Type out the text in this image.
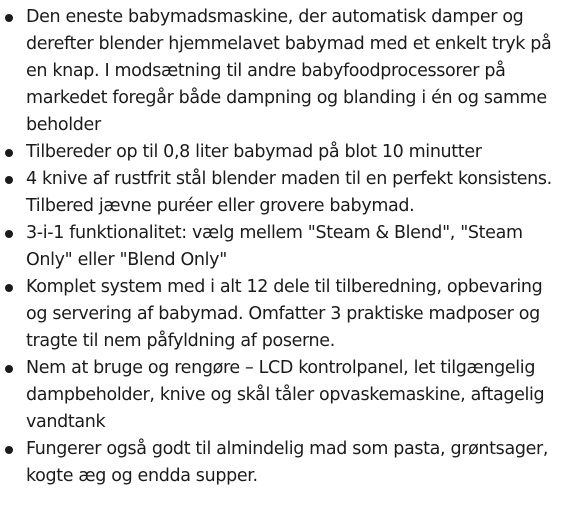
Den eneste babymadsmaskine, der automatisk damper og derefter blender hjemmelavet babymad med et enkelt tryk på en knap. I modsætning til andre babyfoodprocessorer på markedet foregår både dampning og blanding i én og samme beholder
Tilbereder op til 0,8 liter babymad på blot 10 minutter
4 knive af rustfrit stål blender maden til en perfekt konsistens. Tilbered jævne puréer eller grovere babymad.
3-i-1 funktionalitet: vælg mellem "Steam & Blend", "Steam Only" eller "Blend Only"
Komplet system med i alt 12 dele til tilberedning, opbevaring og servering af babymad. Omfatter 3 praktiske madposer og tragte til nem påfyldning af poserne.
Nem at bruge og rengøre – LCD kontrolpanel, let tilgængelig dampbeholder, knive og skål tåler opvaskemaskine, aftagelig vandtank
Fungerer også godt til almindelig mad som pasta, grøntsager, kogte æg og endda supper.
